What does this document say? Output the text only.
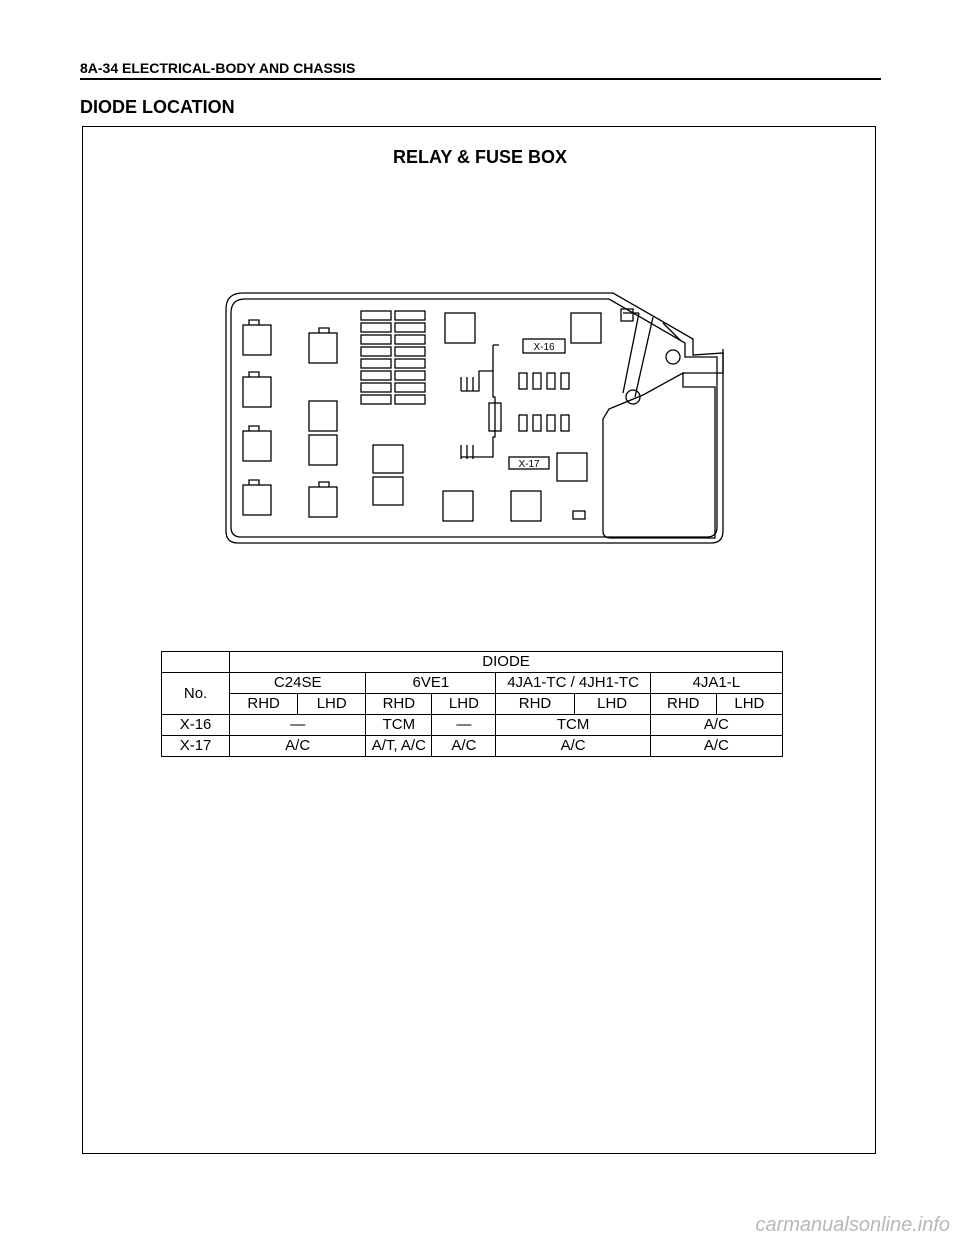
8A-34 ELECTRICAL-BODY AND CHASSIS
DIODE LOCATION
RELAY & FUSE BOX
X-16
X-17
	DIODE							
No.	C24SE		6VE1		4JA1-TC / 4JH1-TC		4JA1-L	
	RHD	LHD	RHD	LHD	RHD	LHD	RHD	LHD
X-16	—		TCM	—	TCM		A/C	
X-17	A/C		A/T, A/C	A/C	A/C		A/C	
carmanualsonline.info
